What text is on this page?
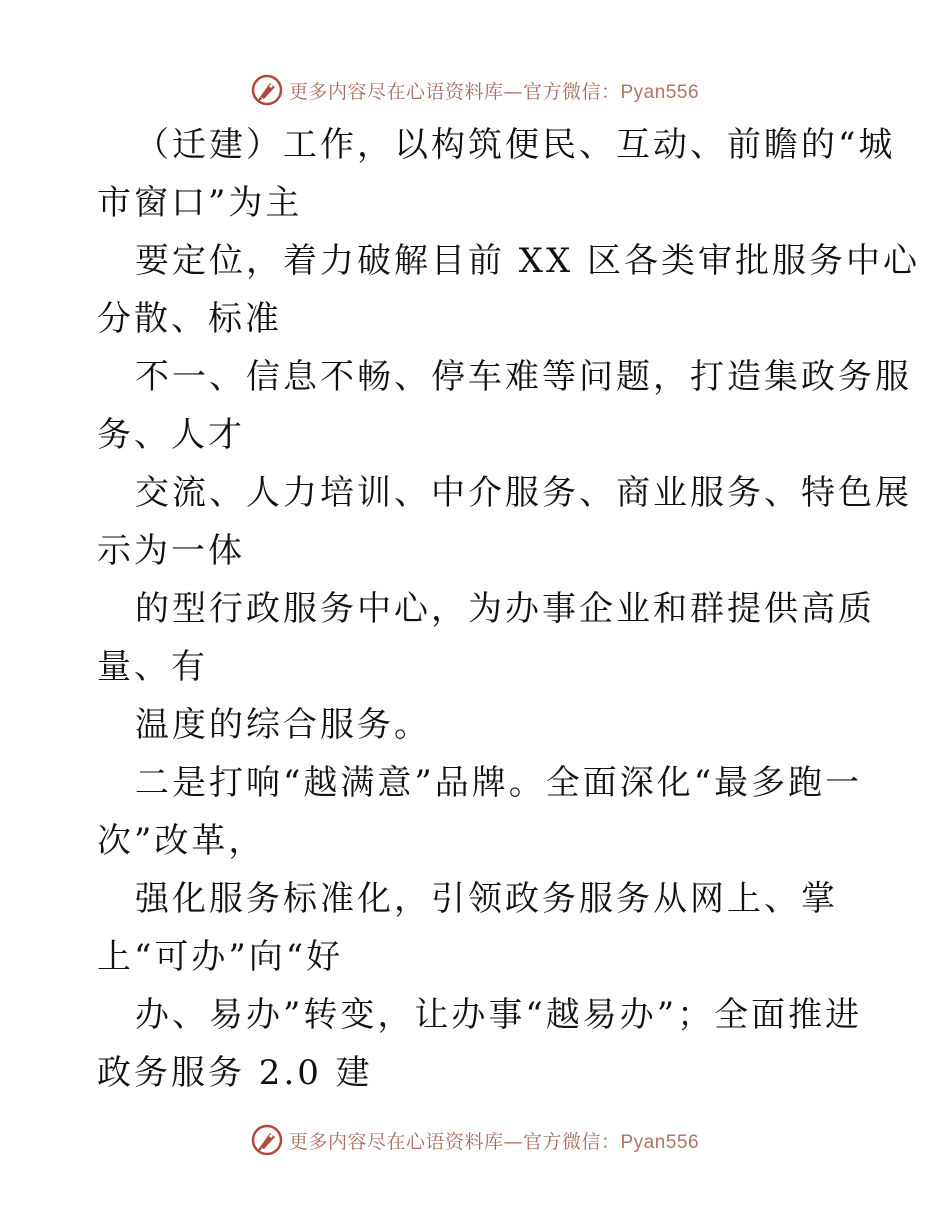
更多内容尽在心语资料库—官方微信：Pyan556
（迁建）工作，以构筑便民、互动、前瞻的“城
市窗口”为主
要定位，着力破解目前 XX 区各类审批服务中心
分散、标准
不一、信息不畅、停车难等问题，打造集政务服
务、人才
交流、人力培训、中介服务、商业服务、特色展
示为一体
的型行政服务中心，为办事企业和群提供高质
量、有
温度的综合服务。
二是打响“越满意”品牌。全面深化“最多跑一
次”改革，
强化服务标准化，引领政务服务从网上、掌
上“可办”向“好
办、易办”转变，让办事“越易办”；全面推进
政务服务 2.0 建
更多内容尽在心语资料库—官方微信：Pyan556
